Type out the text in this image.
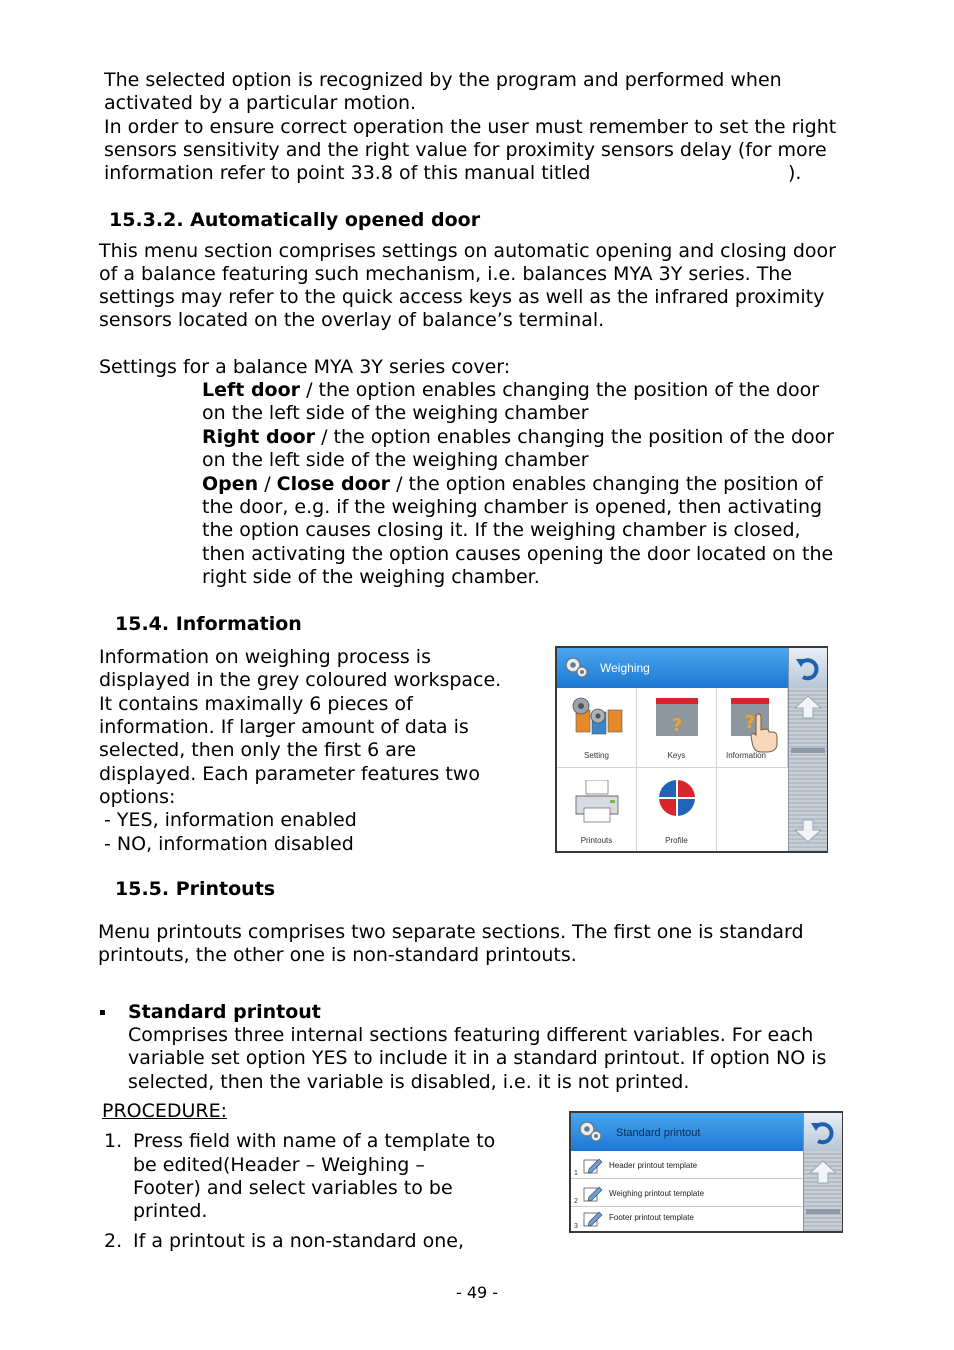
The selected option is recognized by the program and performed when

activated by a particular motion.

In order to ensure correct operation the user must remember to set the right

sensors sensitivity and the right value for proximity sensors delay (for more

information refer to point 33.8 of this manual titled	).

15.3.2. Automatically opened door

This menu section comprises settings on automatic opening and closing door

of a balance featuring such mechanism, i.e. balances MYA 3Y series. The

settings may refer to the quick access keys as well as the infrared proximity

sensors located on the overlay of balance’s terminal.

Settings for a balance MYA 3Y series cover:

Left door / the option enables changing the position of the door

on the left side of the weighing chamber

Right door / the option enables changing the position of the door

on the left side of the weighing chamber

Open / Close door / the option enables changing the position of

the door, e.g. if the weighing chamber is opened, then activating

the option causes closing it. If the weighing chamber is closed,

then activating the option causes opening the door located on the

right side of the weighing chamber.

15.4. Information

Information on weighing process is

displayed in the grey coloured workspace.

It contains maximally 6 pieces of

information. If larger amount of data is

selected, then only the first 6 are

displayed. Each parameter features two

options:

- YES, information enabled

- NO, information disabled

Weighing
Setting
?
Keys
?
Information
Printouts	Profile

15.5. Printouts

Menu printouts comprises two separate sections. The first one is standard

printouts, the other one is non-standard printouts.

Standard printout

Comprises three internal sections featuring different variables. For each

variable set option YES to include it in a standard printout. If option NO is

selected, then the variable is disabled, i.e. it is not printed.

PROCEDURE:

1. Press field with name of a template to

be edited(Header – Weighing –

Footer) and select variables to be

printed.

2. If a printout is a non-standard one,

Standard printout
Header printout template
1
Weighing printout template
2
Footer printout template
3

- 49 -
